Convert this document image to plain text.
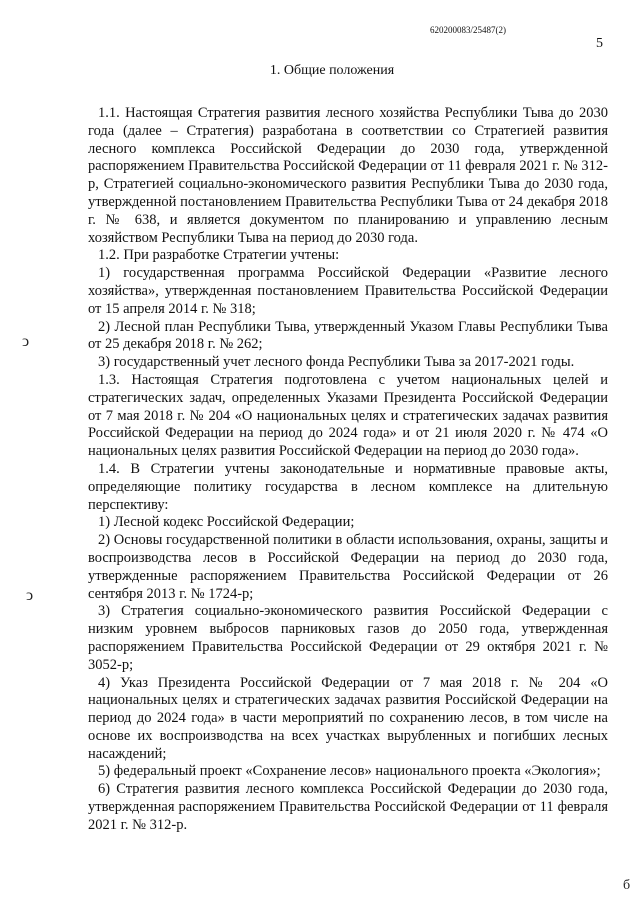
620200083/25487(2)
5
1. Общие положения

1.1. Настоящая Стратегия развития лесного хозяйства Республики Тыва до 2030 года (далее – Стратегия) разработана в соответствии со Стратегией развития лесного комплекса Российской Федерации до 2030 года, утвержденной распоряжением Правительства Российской Федерации от 11 февраля 2021 г. № 312-р, Стратегией социально-экономического развития Республики Тыва до 2030 года, утвержденной постановлением Правительства Республики Тыва от 24 декабря 2018 г. № 638, и является документом по планированию и управлению лесным хозяйством Республики Тыва на период до 2030 года.

1.2. При разработке Стратегии учтены:

1) государственная программа Российской Федерации «Развитие лесного хозяйства», утвержденная постановлением Правительства Российской Федерации от 15 апреля 2014 г. № 318;

2) Лесной план Республики Тыва, утвержденный Указом Главы Республики Тыва от 25 декабря 2018 г. № 262;

3) государственный учет лесного фонда Республики Тыва за 2017-2021 годы.

1.3. Настоящая Стратегия подготовлена с учетом национальных целей и стратегических задач, определенных Указами Президента Российской Федерации от 7 мая 2018 г. № 204 «О национальных целях и стратегических задачах развития Российской Федерации на период до 2024 года» и от 21 июля 2020 г. № 474 «О национальных целях развития Российской Федерации на период до 2030 года».

1.4. В Стратегии учтены законодательные и нормативные правовые акты, определяющие политику государства в лесном комплексе на длительную перспективу:

1) Лесной кодекс Российской Федерации;

2) Основы государственной политики в области использования, охраны, защиты и воспроизводства лесов в Российской Федерации на период до 2030 года, утвержденные распоряжением Правительства Российской Федерации от 26 сентября 2013 г. № 1724-р;

3) Стратегия социально-экономического развития Российской Федерации с низким уровнем выбросов парниковых газов до 2050 года, утвержденная распоряжением Правительства Российской Федерации от 29 октября 2021 г. № 3052-р;

4) Указ Президента Российской Федерации от 7 мая 2018 г. № 204 «О национальных целях и стратегических задачах развития Российской Федерации на период до 2024 года» в части мероприятий по сохранению лесов, в том числе на основе их воспроизводства на всех участках вырубленных и погибших лесных насаждений;

5) федеральный проект «Сохранение лесов» национального проекта «Экология»;

6) Стратегия развития лесного комплекса Российской Федерации до 2030 года, утвержденная распоряжением Правительства Российской Федерации от 11 февраля 2021 г. № 312-р.

ↄ
ↄ
б
